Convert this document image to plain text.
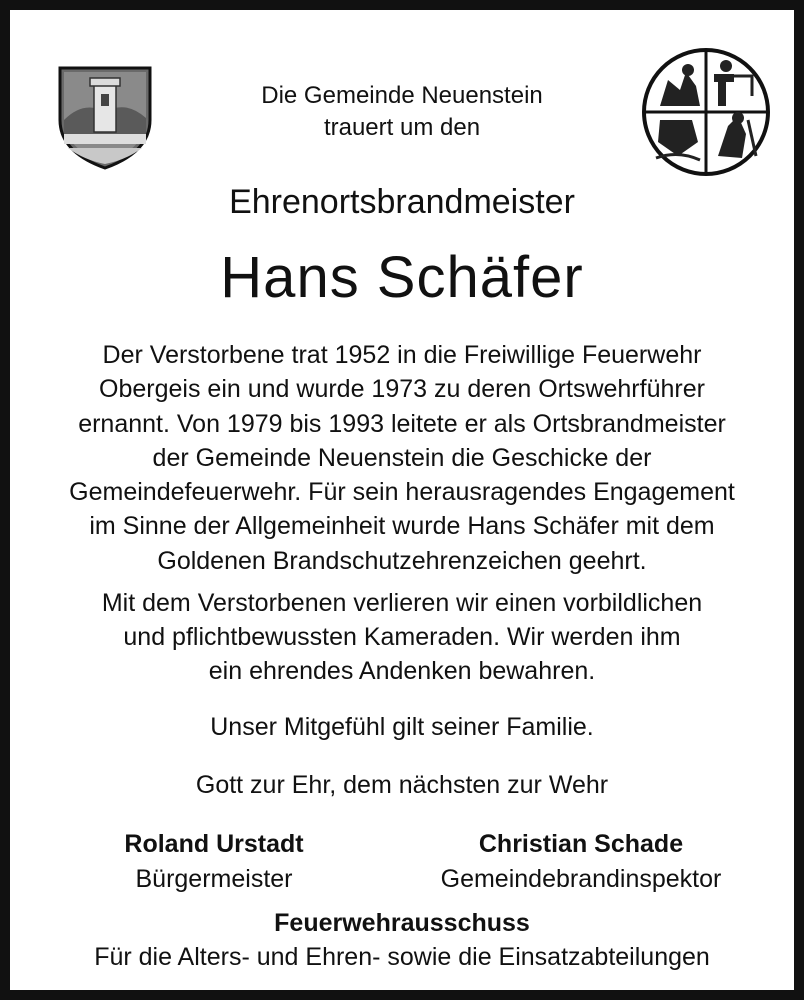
Die Gemeinde Neuenstein
trauert um den
Ehrenortsbrandmeister
Hans Schäfer
Der Verstorbene trat 1952 in die Freiwillige Feuerwehr
Obergeis ein und wurde 1973 zu deren Ortswehrführer
ernannt. Von 1979 bis 1993 leitete er als Ortsbrandmeister
der Gemeinde Neuenstein die Geschicke der
Gemeindefeuerwehr. Für sein herausragendes Engagement
im Sinne der Allgemeinheit wurde Hans Schäfer mit dem
Goldenen Brandschutzehrenzeichen geehrt.
Mit dem Verstorbenen verlieren wir einen vorbildlichen
und pflichtbewussten Kameraden. Wir werden ihm
ein ehrendes Andenken bewahren.
Unser Mitgefühl gilt seiner Familie.
Gott zur Ehr, dem nächsten zur Wehr
Roland Urstadt
Bürgermeister
Christian Schade
Gemeindebrandinspektor
Feuerwehrausschuss
Für die Alters- und Ehren- sowie die Einsatzabteilungen
